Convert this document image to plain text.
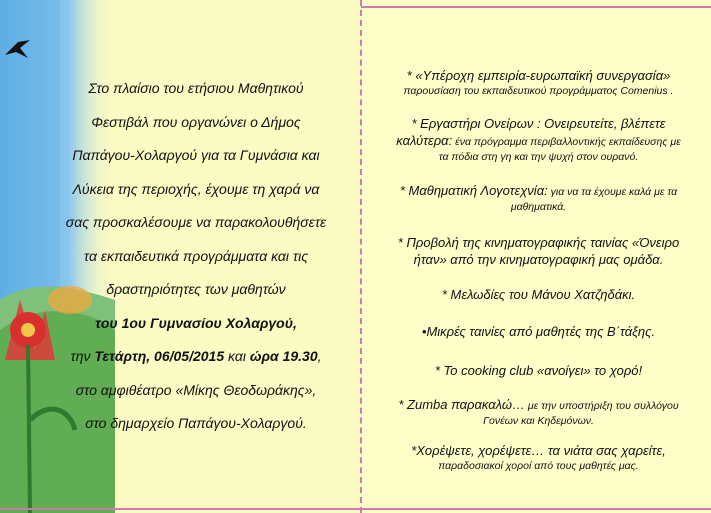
Στο πλαίσιο του ετήσιου Μαθητικού

Φεστιβάλ που οργανώνει ο Δήμος

Παπάγου-Χολαργού για τα Γυμνάσια και

Λύκεια της περιοχής, έχουμε τη χαρά να

σας προσκαλέσουμε να παρακολουθήσετε

τα εκπαιδευτικά προγράμματα και τις

δραστηριότητες των μαθητών

του 1ου Γυμνασίου Χολαργού,

την Τετάρτη, 06/05/2015 και ώρα 19.30,

στο αμφιθέατρο «Μίκης Θεοδωράκης»,

στο δημαρχείο Παπάγου-Χολαργού.

* «Υπέροχη εμπειρία-ευρωπαϊκή συνεργασία»
παρουσίαση του εκπαιδευτικού προγράμματος Comenius .
* Εργαστήρι Ονείρων : Ονειρευτείτε, βλέπετε
καλύτερα: ένα πρόγραμμα περιβαλλοντικής εκπαίδευσης με
τα πόδια στη γη και την ψυχή στον ουρανό.
* Μαθηματική Λογοτεχνία: για να τα έχουμε καλά με τα
μαθηματικά.
* Προβολή της κινηματογραφικής ταινίας «Όνειρο
ήταν» από την κινηματογραφική μας ομάδα.
* Μελωδίες του Μάνου Χατζηδάκι.
•Μικρές ταινίες από μαθητές της Β΄τάξης.
* To cooking club «ανοίγει» το χορό!
* Zumba παρακαλώ… με την υποστήριξη του συλλόγου
Γονέων και Κηδεμόνων.
*Χορέψετε, χορέψετε… τα νιάτα σας χαρείτε,
παραδοσιακοί χοροί από τους μαθητές μας.
